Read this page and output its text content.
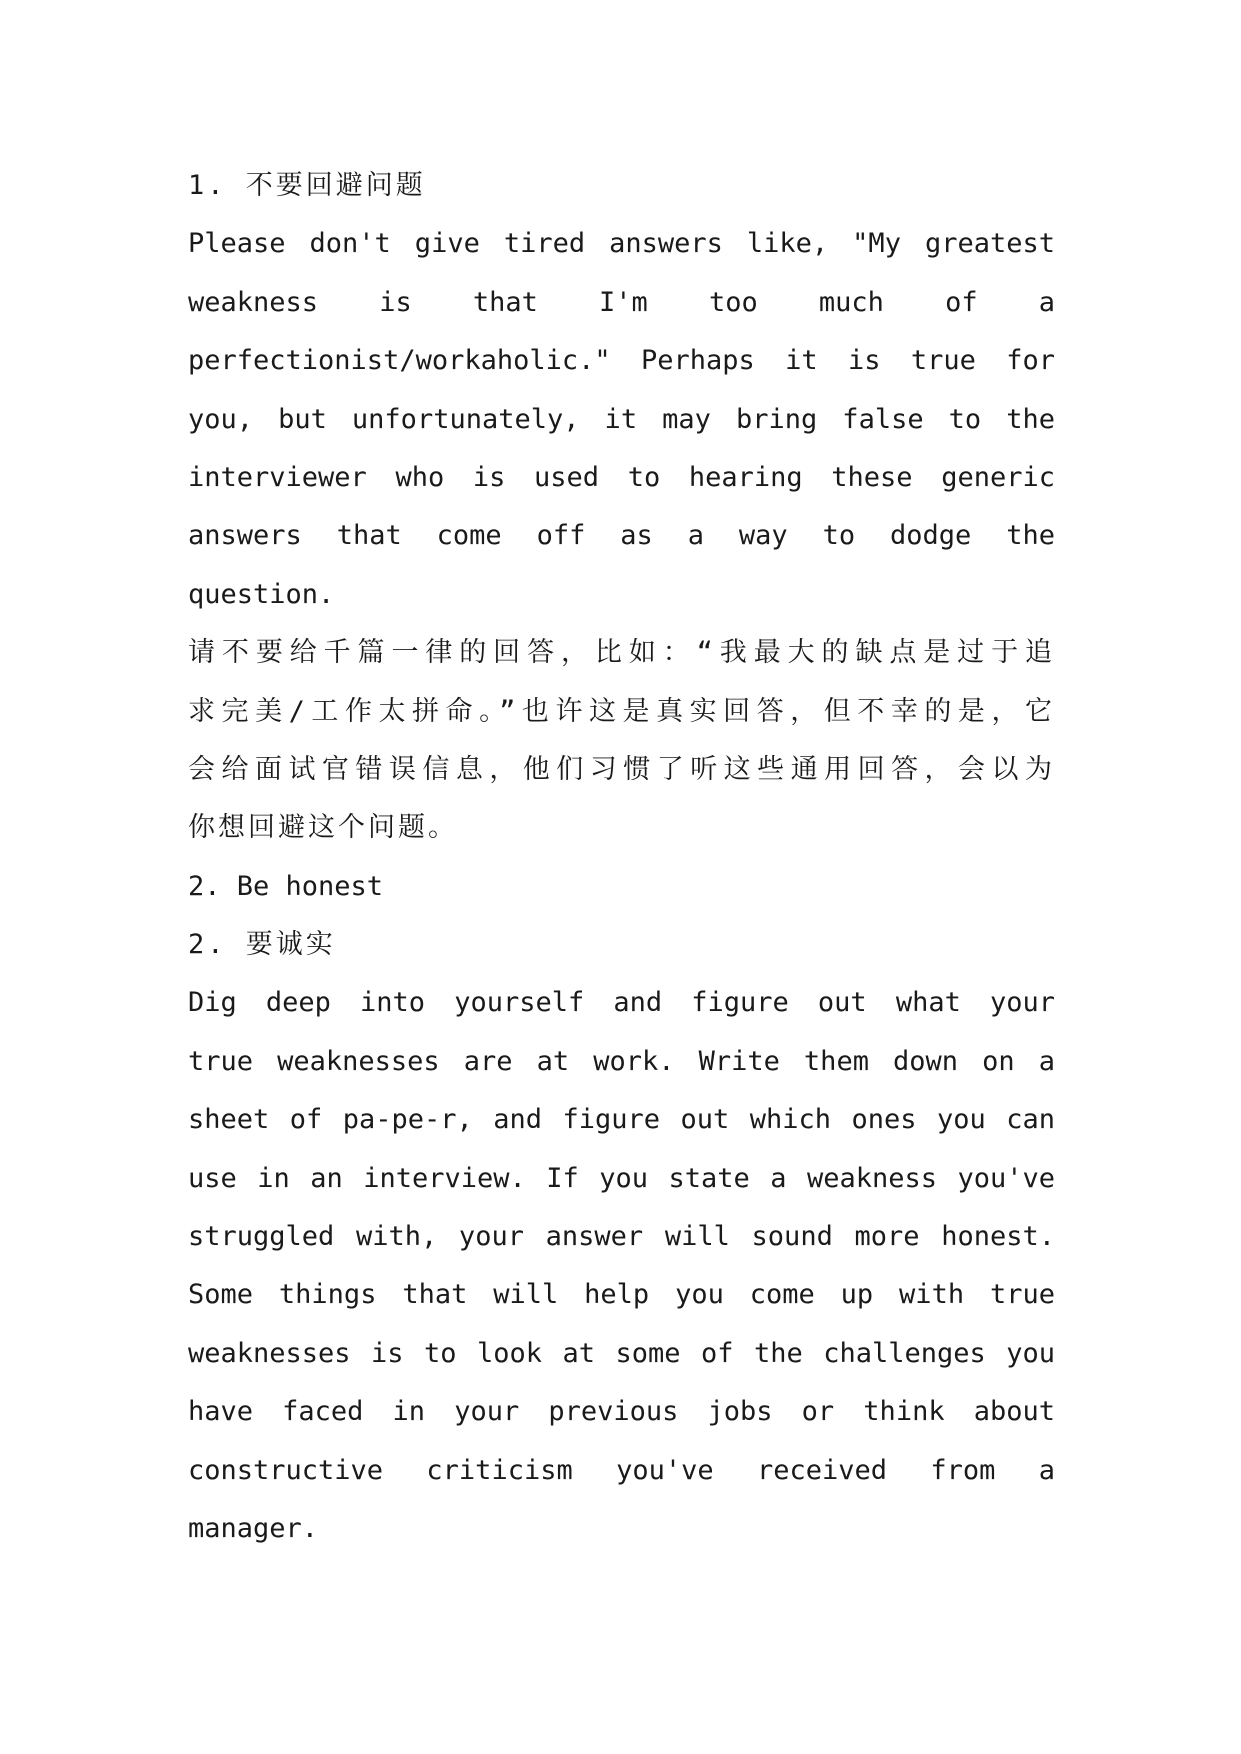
1. 不要回避问题
Please don't give tired answers like, "My greatest
weakness is that I'm too much of a
perfectionist/workaholic." Perhaps it is true for
you, but unfortunately, it may bring false to the
interviewer who is used to hearing these generic
answers that come off as a way to dodge the
question.
请不要给千篇一律的回答，比如：“我最大的缺点是过于追
求完美/工作太拼命。”也许这是真实回答，但不幸的是，它
会给面试官错误信息，他们习惯了听这些通用回答，会以为
你想回避这个问题。
2. Be honest
2. 要诚实
Dig deep into yourself and figure out what your
true weaknesses are at work. Write them down on a
sheet of pa-pe-r, and figure out which ones you can
use in an interview. If you state a weakness you've
struggled with, your answer will sound more honest.
Some things that will help you come up with true
weaknesses is to look at some of the challenges you
have faced in your previous jobs or think about
constructive criticism you've received from a
manager.
